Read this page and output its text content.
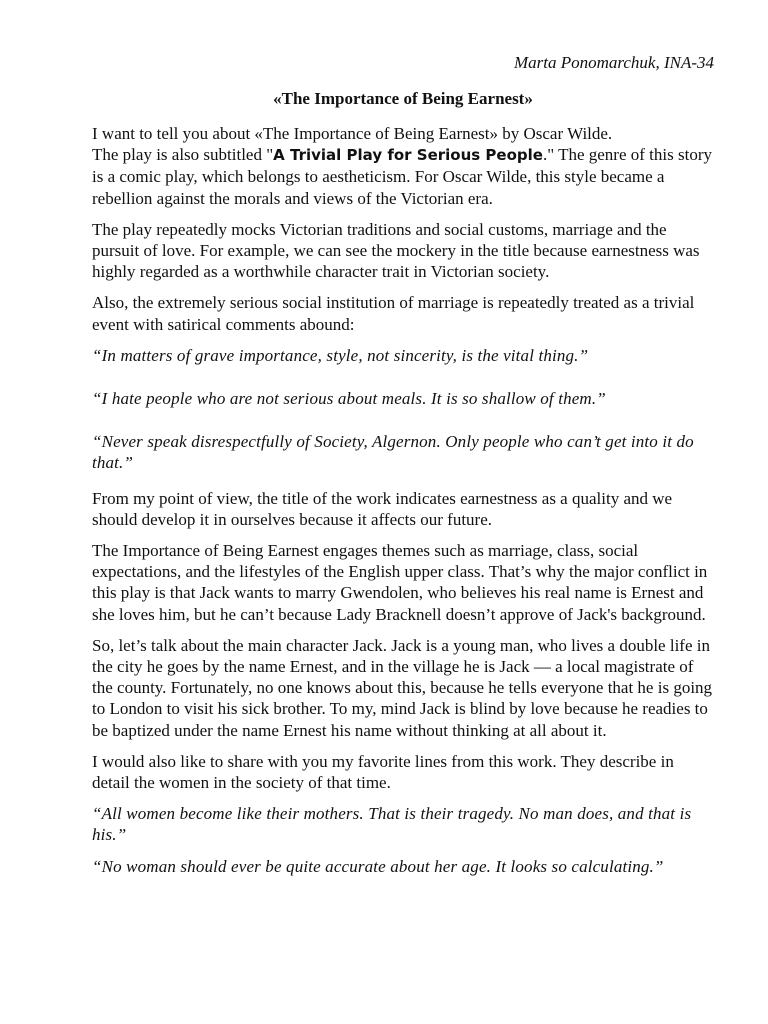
Marta Ponomarchuk, INA-34
«The Importance of Being Earnest»
I want to tell you about «The Importance of Being Earnest» by Oscar Wilde.
The play is also subtitled "A Trivial Play for Serious People." The genre of this story is a comic play, which belongs to aestheticism. For Oscar Wilde, this style became a rebellion against the morals and views of the Victorian era.
The play repeatedly mocks Victorian traditions and social customs, marriage and the pursuit of love. For example, we can see the mockery in the title because earnestness was highly regarded as a worthwhile character trait in Victorian society.
Also, the extremely serious social institution of marriage is repeatedly treated as a trivial event with satirical comments abound:
“In matters of grave importance, style, not sincerity, is the vital thing.”
“I hate people who are not serious about meals. It is so shallow of them.”
“Never speak disrespectfully of Society, Algernon. Only people who can’t get into it do that.”
From my point of view, the title of the work indicates earnestness as a quality and we should develop it in ourselves because it affects our future.
The Importance of Being Earnest engages themes such as marriage, class, social expectations, and the lifestyles of the English upper class. That’s why the major conflict in this play is that Jack wants to marry Gwendolen, who believes his real name is Ernest and she loves him, but he can’t because Lady Bracknell doesn’t approve of Jack's background.
So, let’s talk about the main character Jack. Jack is a young man, who lives a double life in the city he goes by the name Ernest, and in the village he is Jack — a local magistrate of the county. Fortunately, no one knows about this, because he tells everyone that he is going to London to visit his sick brother. To my, mind Jack is blind by love because he readies to be baptized under the name Ernest his name without thinking at all about it.
I would also like to share with you my favorite lines from this work. They describe in detail the women in the society of that time.
“All women become like their mothers. That is their tragedy. No man does, and that is his.”
“No woman should ever be quite accurate about her age. It looks so calculating.”
